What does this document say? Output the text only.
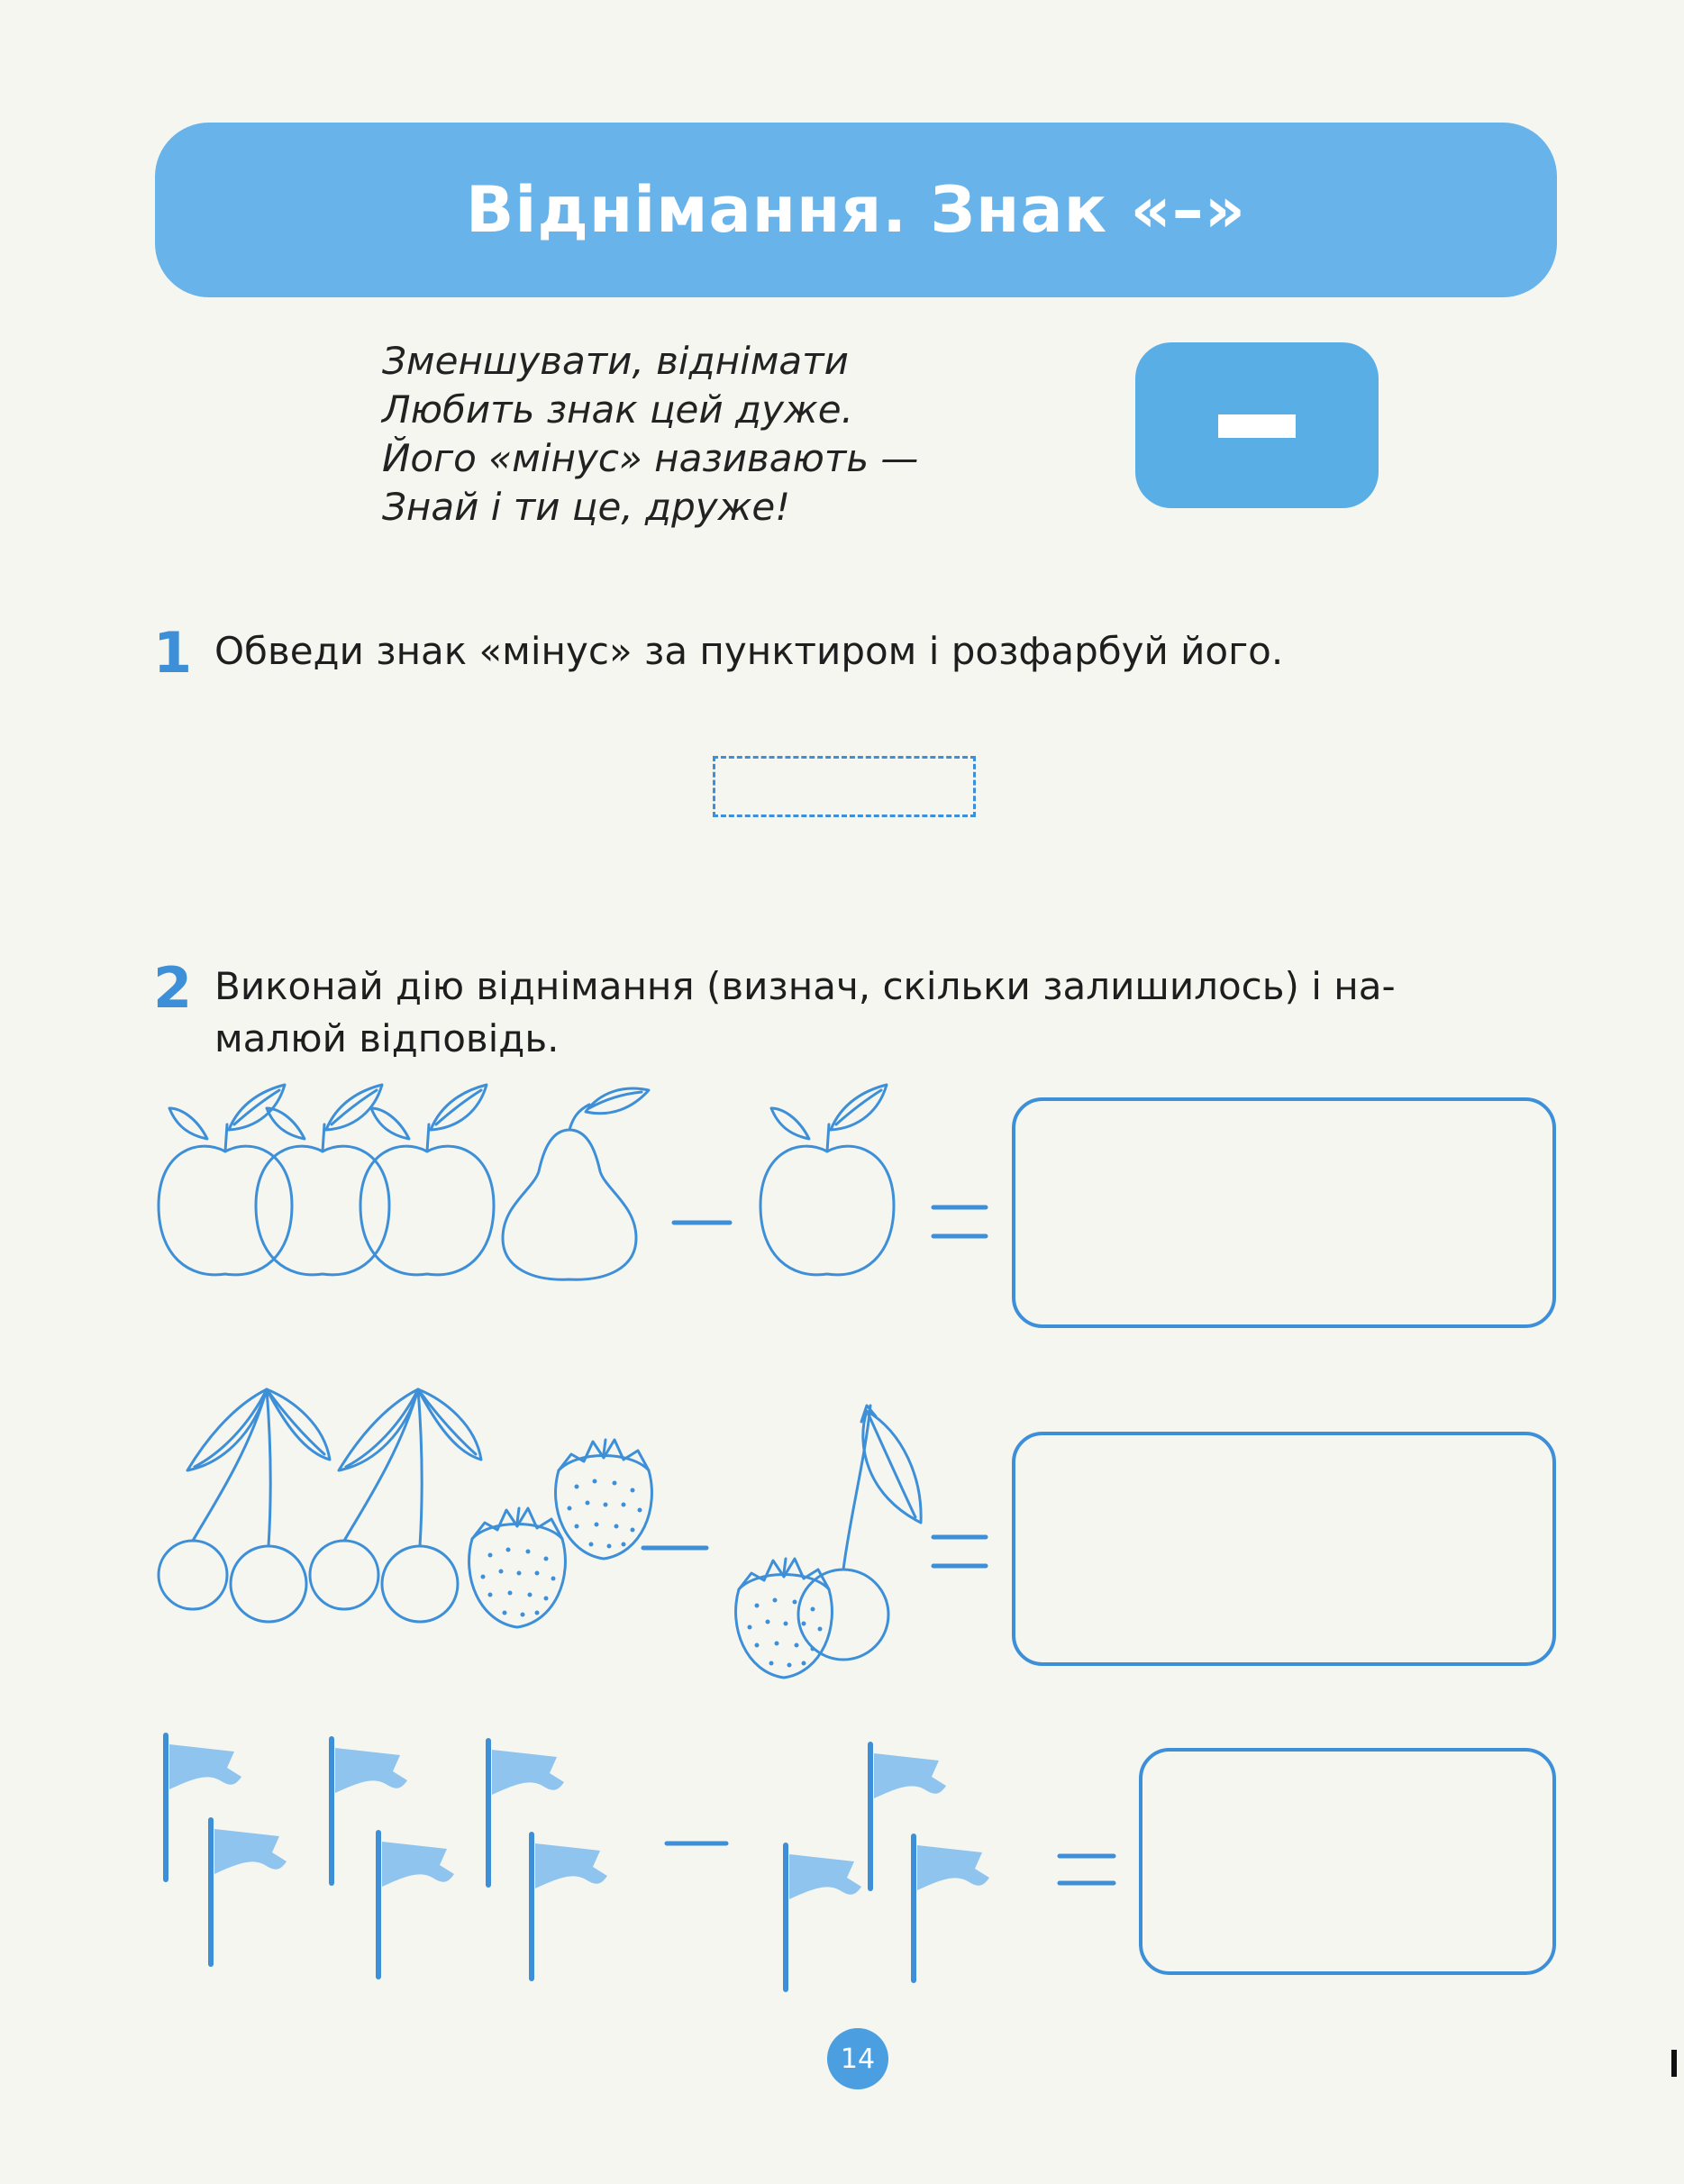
Віднімання. Знак «–»
Зменшувати, віднімати
Любить знак цей дуже.
Його «мінус» називають —
Знай і ти це, друже!
1 Обведи знак «мінус» за пунктиром і розфарбуй його.
2 Виконай дію віднімання (визнач, скільки залишилось) і на-
малюй відповідь.
14
